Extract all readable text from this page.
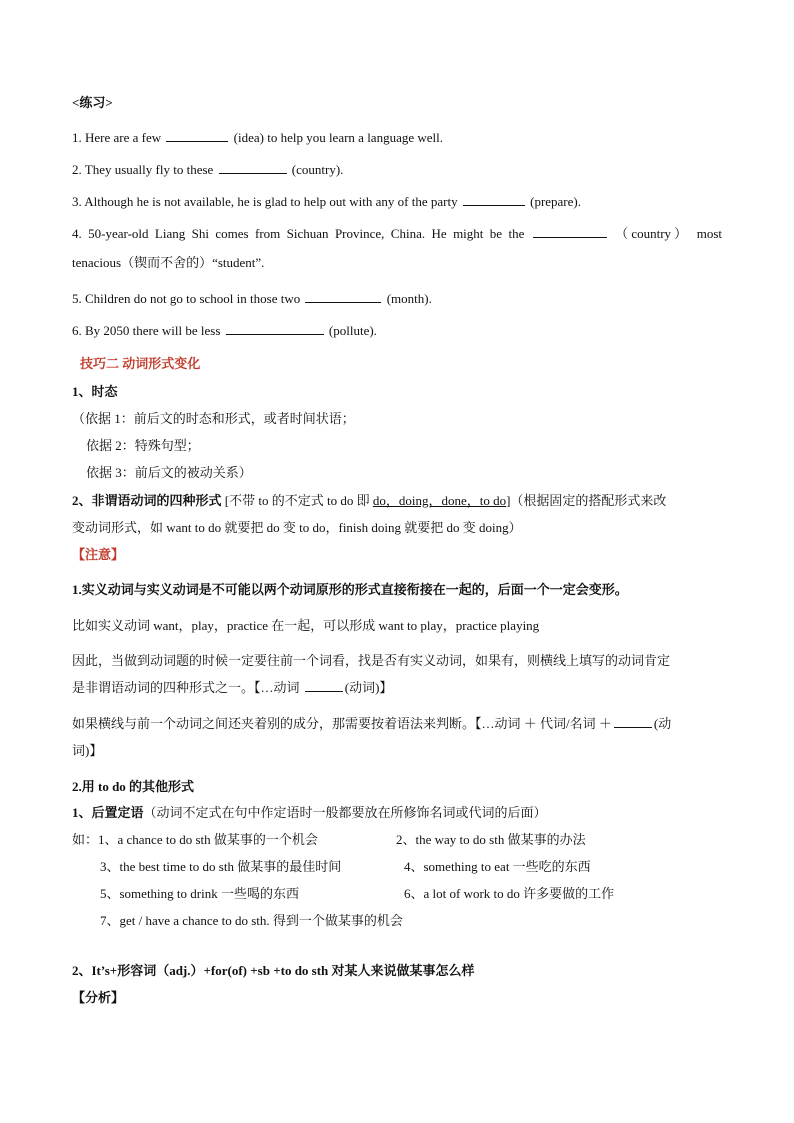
<练习>
1. Here are a few	(idea) to help you learn a language well.
2. They usually fly to these	(country).
3. Although he is not available, he is glad to help out with any of the party	(prepare).
4. 50-year-old Liang Shi comes from Sichuan Province, China. He might be the	（country） most
tenacious（锲而不舍的）“student”.
5. Children do not go to school in those two	(month).
6. By 2050 there will be less	(pollute).
技巧二 动词形式变化
1、时态
（依据 1：前后文的时态和形式，或者时间状语；
依据 2：特殊句型；
依据 3：前后文的被动关系）
2、非谓语动词的四种形式 [不带 to 的不定式 to do 即 do，doing，done，to do]（根据固定的搭配形式来改
变动词形式，如 want to do 就要把 do 变 to do，finish doing 就要把 do 变 doing）
【注意】
1.实义动词与实义动词是不可能以两个动词原形的形式直接衔接在一起的，后面一个一定会变形。
比如实义动词 want，play，practice 在一起，可以形成 want to play，practice playing
因此，当做到动词题的时候一定要往前一个词看，找是否有实义动词，如果有，则横线上填写的动词肯定
是非谓语动词的四种形式之一。【…动词	(动词)】
如果横线与前一个动词之间还夹着别的成分，那需要按着语法来判断。【…动词 ＋ 代词/名词 ＋	(动
词)】
2.用 to do 的其他形式
1、后置定语（动词不定式在句中作定语时一般都要放在所修饰名词或代词的后面）
如：1、a chance to do sth 做某事的一个机会	2、the way to do sth 做某事的办法
3、the best time to do sth 做某事的最佳时间	4、something to eat 一些吃的东西
5、something to drink 一些喝的东西	6、a lot of work to do 许多要做的工作
7、get / have a chance to do sth. 得到一个做某事的机会
2、It’s+形容词（adj.）+for(of) +sb +to do sth 对某人来说做某事怎么样
【分析】
